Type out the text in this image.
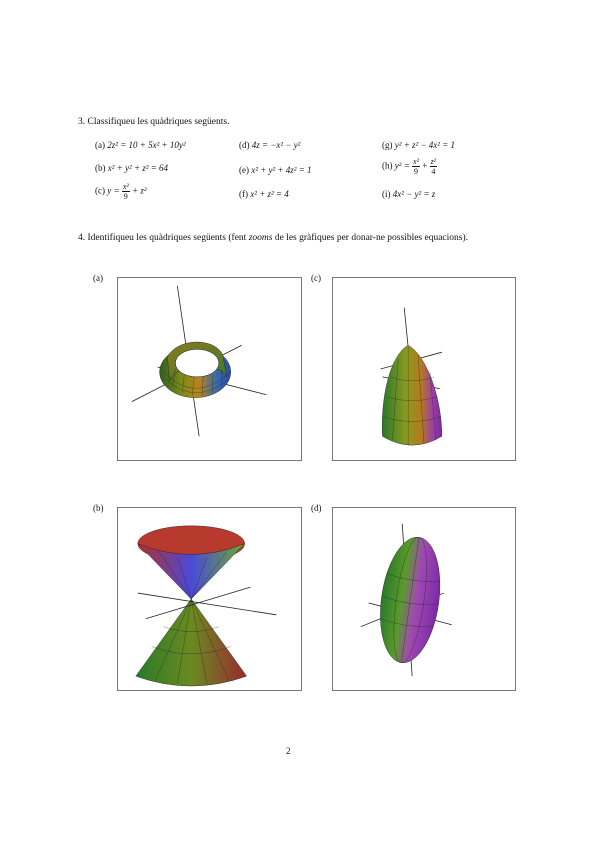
3. Classifiqueu les quàdriques següents.
(a) 2z² = 10 + 5x² + 10y²	(d) 4z = −x² − y²	(g) y² + z² − 4x² = 1
(b) x² + y² + z² = 64	(e) x² + y² + 4z² = 1	(h) $y^2 = \frac{\text{x²}}{9} + \frac{\text{z²}}{4}$
(c) $y = \frac{\text{x²}}{9} + z^2$	(f) x² + z² = 4	(i) 4x² − y² = z
4. Identifiqueu les quàdriques següents (fent zooms de les gràfiques per donar-ne possibles equacions).
(a)	(c)
(b)	(d)
2
